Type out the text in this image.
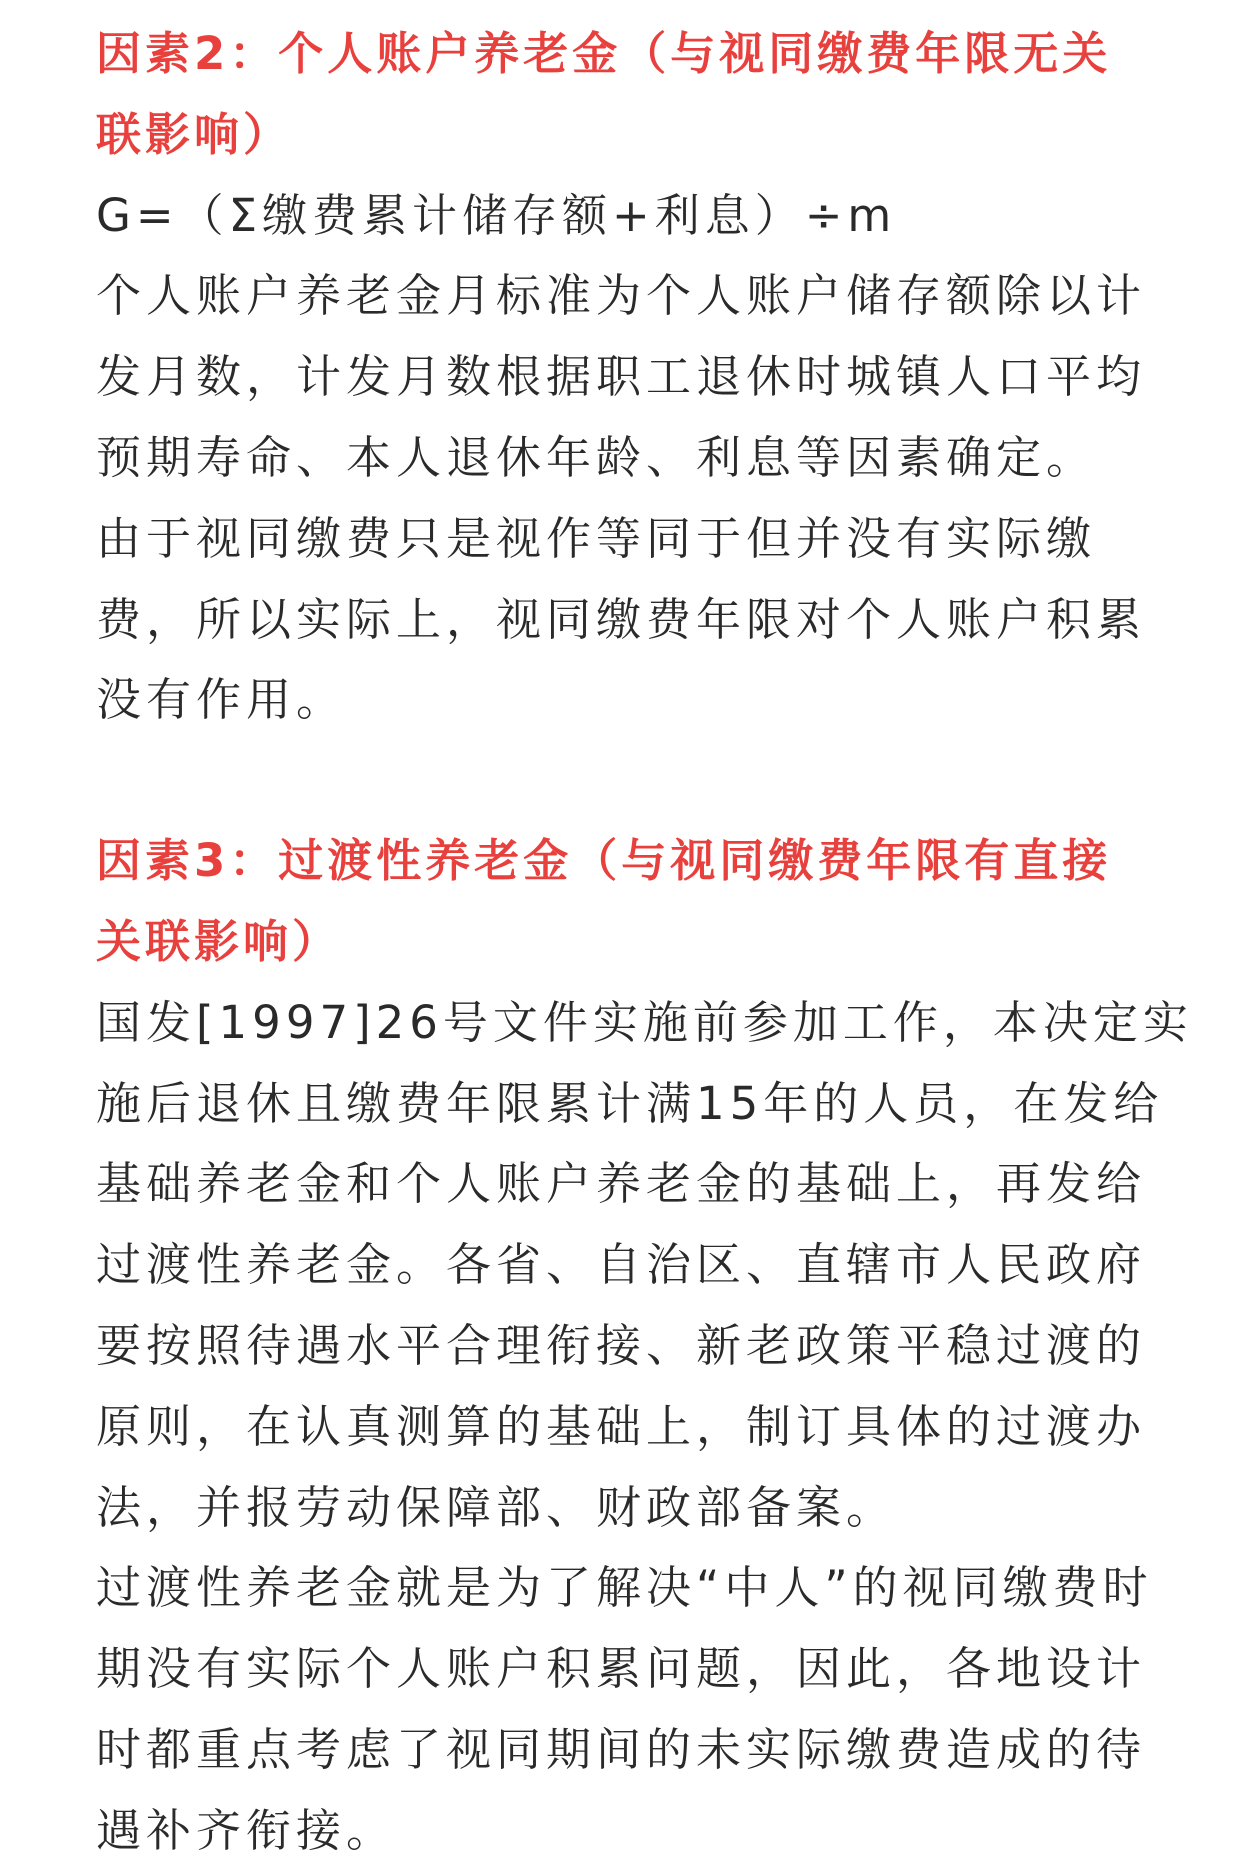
因素2：个人账户养老金（与视同缴费年限无关
联影响）
G=（Σ缴费累计储存额+利息）÷m
个人账户养老金月标准为个人账户储存额除以计
发月数，计发月数根据职工退休时城镇人口平均
预期寿命、本人退休年龄、利息等因素确定。
由于视同缴费只是视作等同于但并没有实际缴
费，所以实际上，视同缴费年限对个人账户积累
没有作用。
因素3：过渡性养老金（与视同缴费年限有直接
关联影响）
国发[1997]26号文件实施前参加工作，本决定实
施后退休且缴费年限累计满15年的人员，在发给
基础养老金和个人账户养老金的基础上，再发给
过渡性养老金。各省、自治区、直辖市人民政府
要按照待遇水平合理衔接、新老政策平稳过渡的
原则，在认真测算的基础上，制订具体的过渡办
法，并报劳动保障部、财政部备案。
过渡性养老金就是为了解决“中人”的视同缴费时
期没有实际个人账户积累问题，因此，各地设计
时都重点考虑了视同期间的未实际缴费造成的待
遇补齐衔接。
